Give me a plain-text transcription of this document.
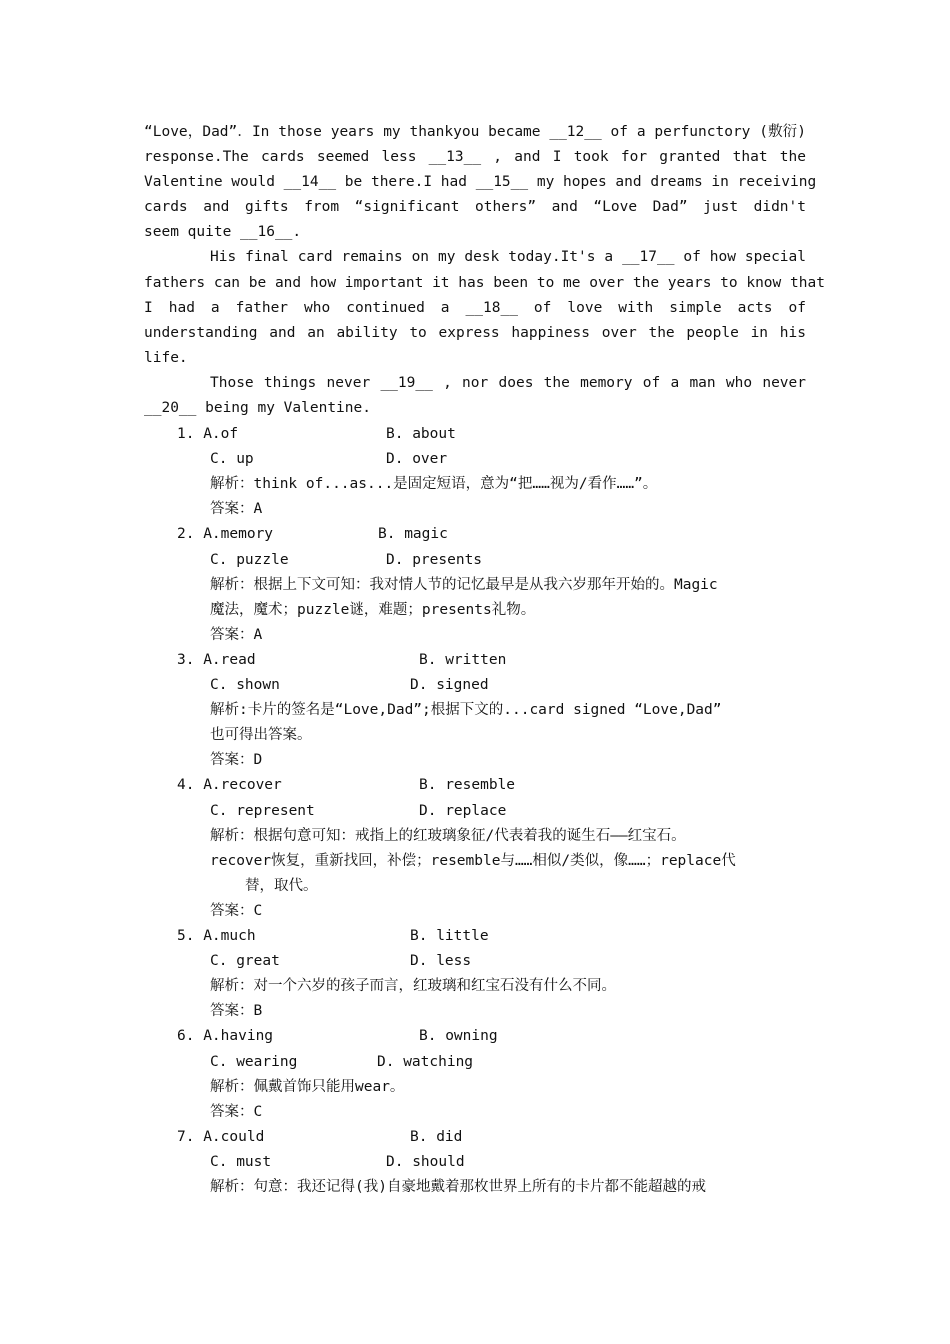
“Love，Dad”．In those years my thankyou became __12__ of a perfunctory (敷衍)
response.The cards seemed less __13__ , and I took for granted that the
Valentine would __14__ be there.I had __15__ my hopes and dreams in receiving
cards and gifts from “significant others” and “Love Dad” just didn't
seem quite __16__.
His final card remains on my desk today.It's a __17__ of how special
fathers can be and how important it has been to me over the years to know that
I had a father who continued a __18__ of love with simple acts of
understanding and an ability to express happiness over the people in his
life.
Those things never __19__ , nor does the memory of a man who never
__20__ being my Valentine.
1. A.of	B. about
C. up	D. over
解析：think of...as...是固定短语，意为“把……视为/看作……”。
答案：A
2. A.memory	B. magic
C. puzzle	D. presents
解析：根据上下文可知：我对情人节的记忆最早是从我六岁那年开始的。Magic
魔法，魔术；puzzle谜，难题；presents礼物。
答案：A
3. A.read	B. written
C. shown	D. signed
解析:卡片的签名是“Love,Dad”;根据下文的...card signed “Love,Dad”
也可得出答案。
答案：D
4. A.recover	B. resemble
C. represent	D. replace
解析：根据句意可知：戒指上的红玻璃象征/代表着我的诞生石——红宝石。
recover恢复，重新找回，补偿；resemble与……相似/类似，像……；replace代
替，取代。
答案：C
5. A.much	B. little
C. great	D. less
解析：对一个六岁的孩子而言，红玻璃和红宝石没有什么不同。
答案：B
6. A.having	B. owning
C. wearing	D. watching
解析：佩戴首饰只能用wear。
答案：C
7. A.could	B. did
C. must	D. should
解析：句意：我还记得(我)自豪地戴着那枚世界上所有的卡片都不能超越的戒
